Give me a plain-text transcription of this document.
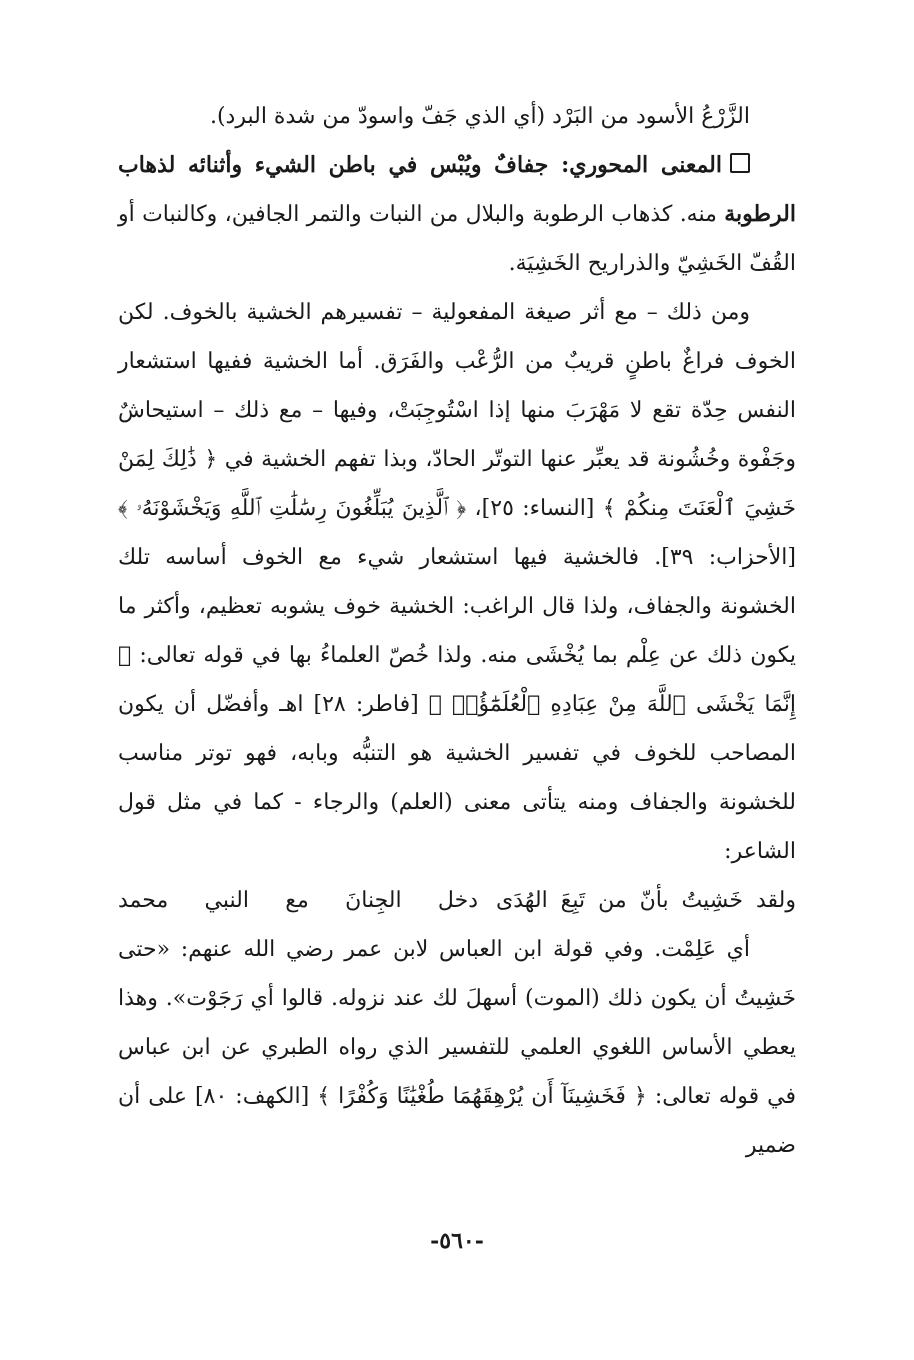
الزَّرْعُ الأسود من البَرْد (أي الذي جَفّ واسودّ من شدة البرد).

المعنى المحوري: جفافٌ ويُبْس في باطن الشيء وأثنائه لذهاب الرطوبة منه. كذهاب الرطوبة والبلال من النبات والتمر الجافين، وكالنبات أو القُفّ الخَشِيّ والذراريح الخَشِيَة.

ومن ذلك – مع أثر صيغة المفعولية – تفسيرهم الخشية بالخوف. لكن الخوف فراغٌ باطنٍ قريبٌ من الرُّعْب والفَرَق. أما الخشية ففيها استشعار النفس حِدّة تقع لا مَهْرَبَ منها إذا اسْتُوجِبَتْ، وفيها – مع ذلك – استيحاشٌ وجَفْوة وخُشُونة قد يعبِّر عنها التوتّر الحادّ، وبذا تفهم الخشية في ﴿ ذَٰلِكَ لِمَنْ خَشِيَ ٱلْعَنَتَ مِنكُمْ ﴾ [النساء: ٢٥]، ﴿ ٱلَّذِينَ يُبَلِّغُونَ رِسَٰلَٰتِ ٱللَّهِ وَيَخْشَوْنَهُۥ ﴾ [الأحزاب: ٣٩]. فالخشية فيها استشعار شيء مع الخوف أساسه تلك الخشونة والجفاف، ولذا قال الراغب: الخشية خوف يشوبه تعظيم، وأكثر ما يكون ذلك عن عِلْم بما يُخْشَى منه. ولذا خُصّ العلماءُ بها في قوله تعالى: ﴿ إِنَّمَا يَخْشَى ٱللَّهَ مِنْ عِبَادِهِ ٱلْعُلَمَٰٓؤُا۟ ﴾ [فاطر: ٢٨] اهـ وأفضّل أن يكون المصاحب للخوف في تفسير الخشية هو التنبُّه وبابه، فهو توتر مناسب للخشونة والجفاف ومنه يتأتى معنى (العلم) والرجاء - كما في مثل قول الشاعر:

ولقد خَشِيتُ بأنّ من تَبِعَ الهُدَى
دخل الجِنانَ مع النبي محمد

أي عَلِمْت. وفي قولة ابن العباس لابن عمر رضي الله عنهم: «حتى خَشِيتُ أن يكون ذلك (الموت) أسهلَ لك عند نزوله. قالوا أي رَجَوْت». وهذا يعطي الأساس اللغوي العلمي للتفسير الذي رواه الطبري عن ابن عباس في قوله تعالى: ﴿ فَخَشِينَآ أَن يُرْهِقَهُمَا طُغْيَٰنًا وَكُفْرًا ﴾ [الكهف: ٨٠] على أن ضمير

-٥٦٠-
